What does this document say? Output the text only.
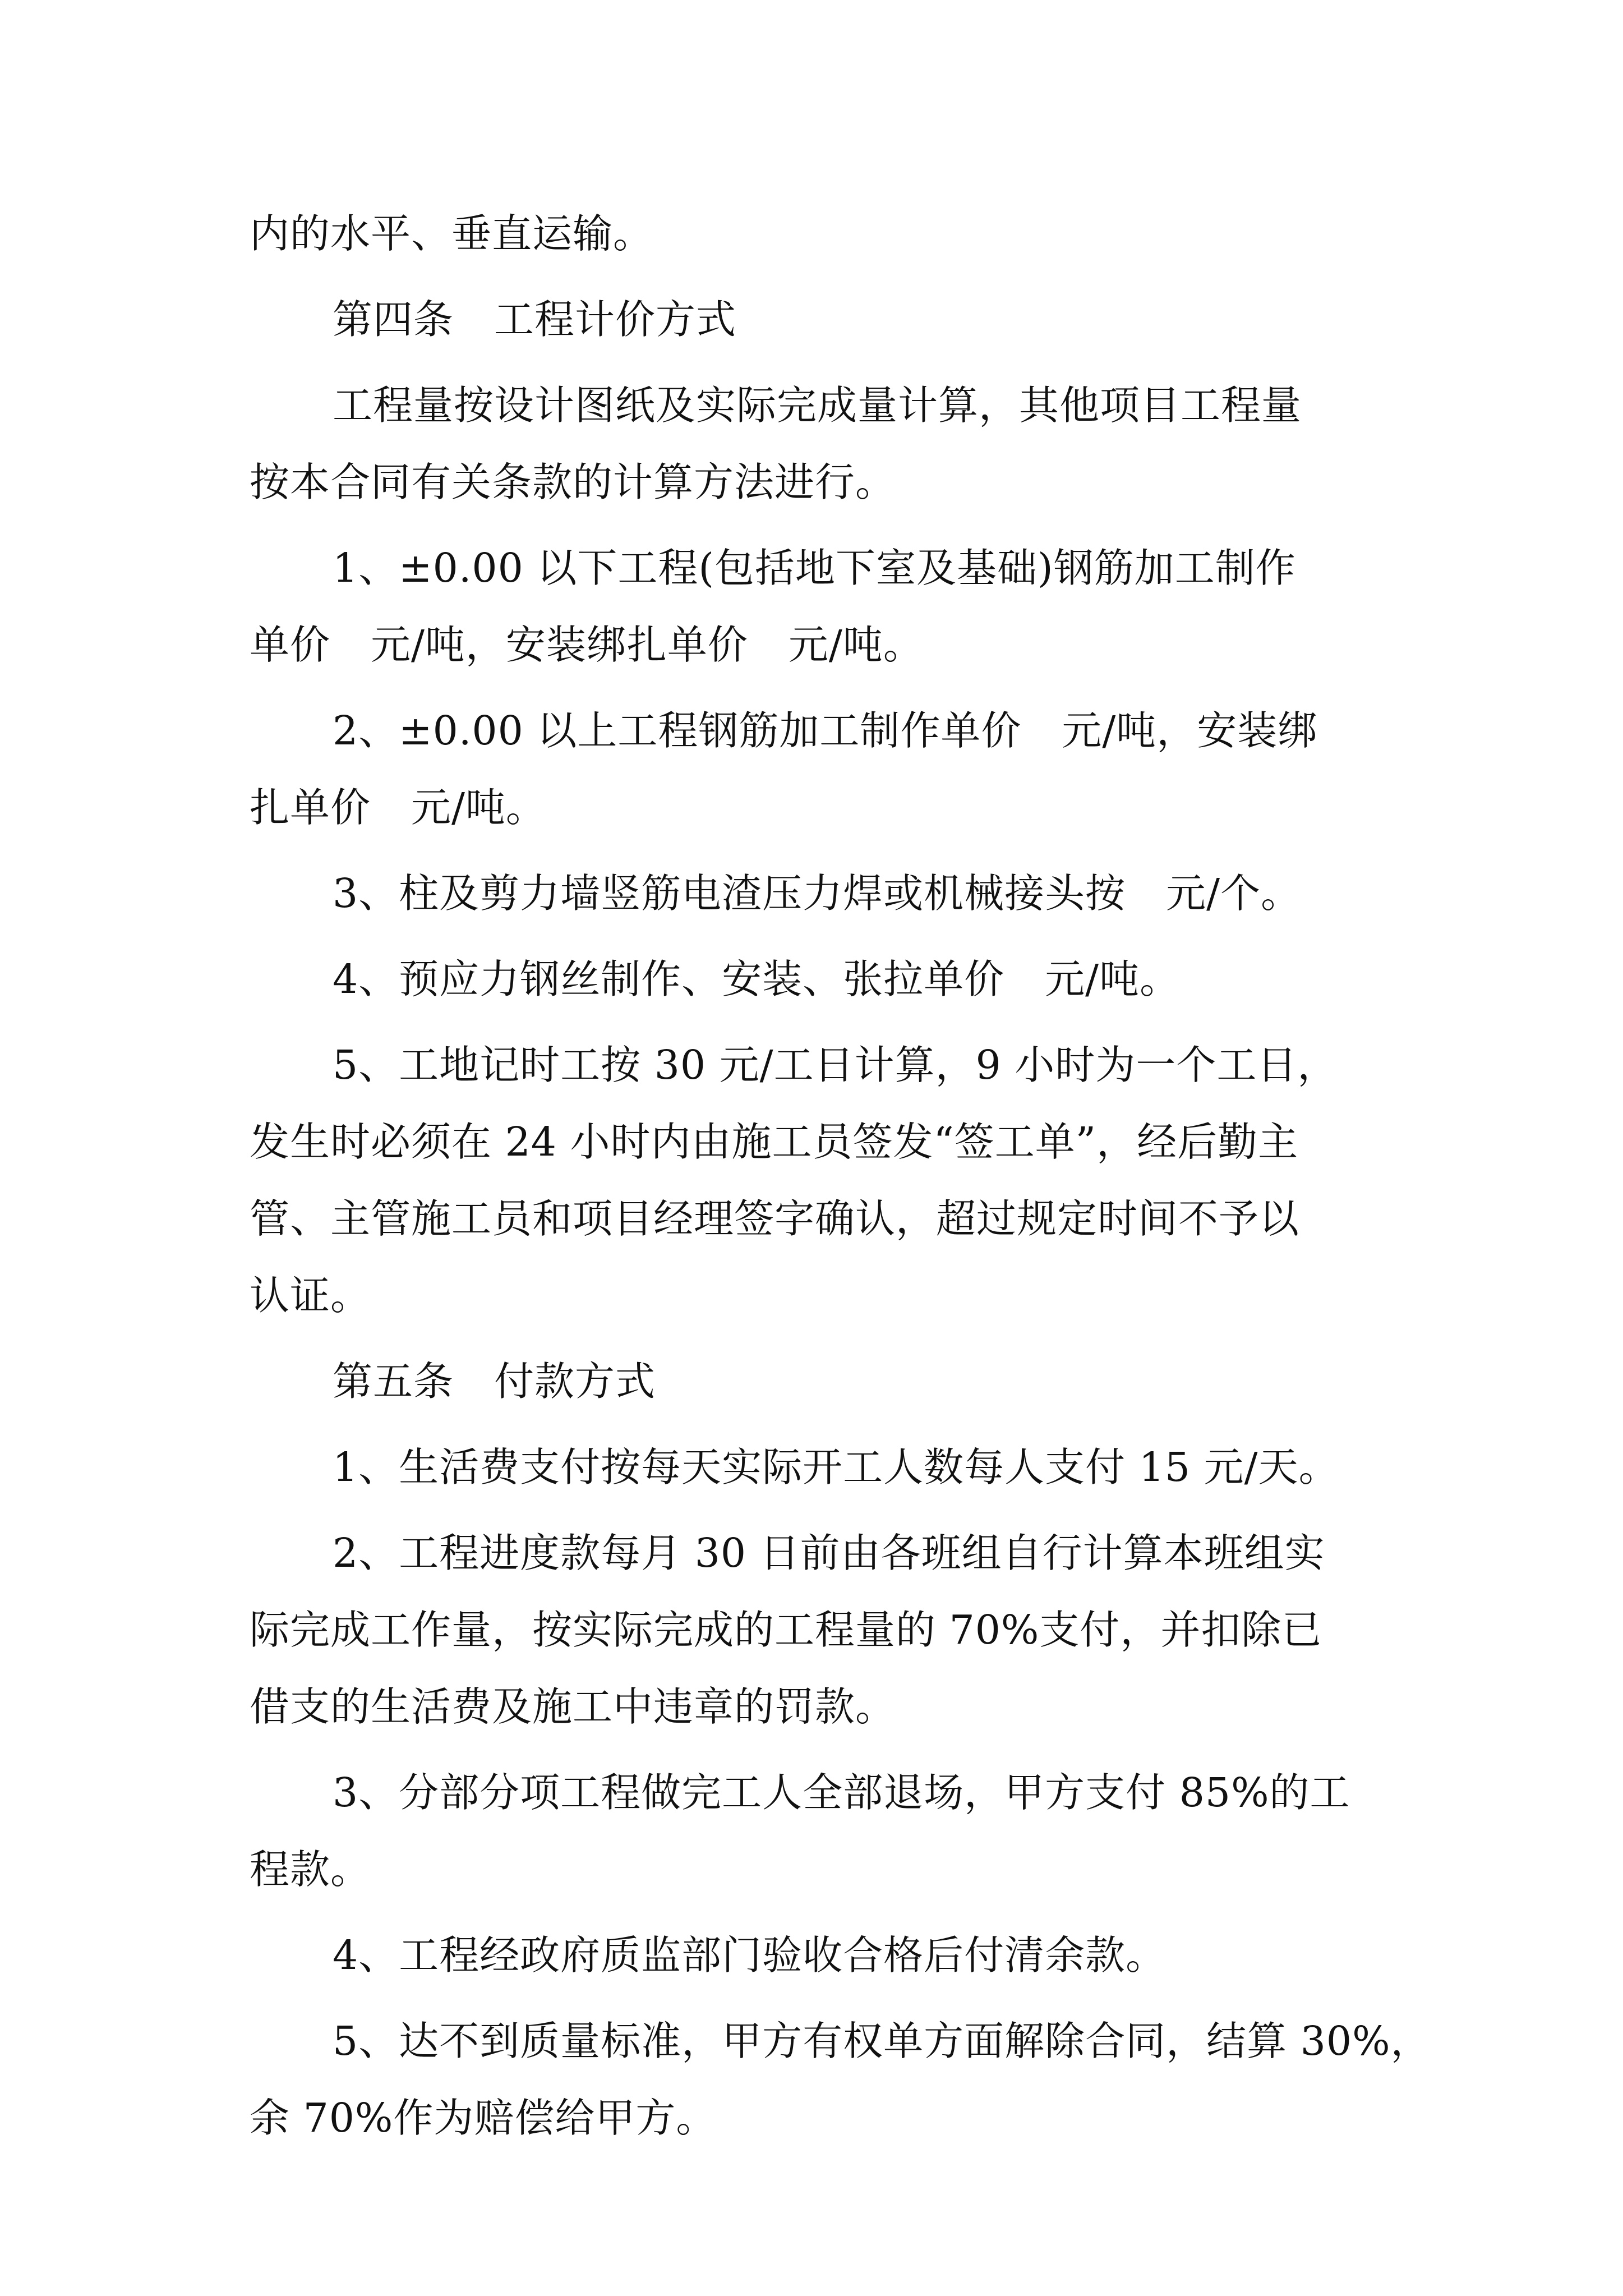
内的水平、垂直运输。
第四条　工程计价方式
工程量按设计图纸及实际完成量计算，其他项目工程量
按本合同有关条款的计算方法进行。
1、±0.00 以下工程(包括地下室及基础)钢筋加工制作
单价　元/吨，安装绑扎单价　元/吨。
2、±0.00 以上工程钢筋加工制作单价　元/吨，安装绑
扎单价　元/吨。
3、柱及剪力墙竖筋电渣压力焊或机械接头按　元/个。
4、预应力钢丝制作、安装、张拉单价　元/吨。
5、工地记时工按 30 元/工日计算，9 小时为一个工日，
发生时必须在 24 小时内由施工员签发“签工单”，经后勤主
管、主管施工员和项目经理签字确认，超过规定时间不予以
认证。
第五条　付款方式
1、生活费支付按每天实际开工人数每人支付 15 元/天。
2、工程进度款每月 30 日前由各班组自行计算本班组实
际完成工作量，按实际完成的工程量的 70%支付，并扣除已
借支的生活费及施工中违章的罚款。
3、分部分项工程做完工人全部退场，甲方支付 85%的工
程款。
4、工程经政府质监部门验收合格后付清余款。
5、达不到质量标准，甲方有权单方面解除合同，结算 30%，
余 70%作为赔偿给甲方。
